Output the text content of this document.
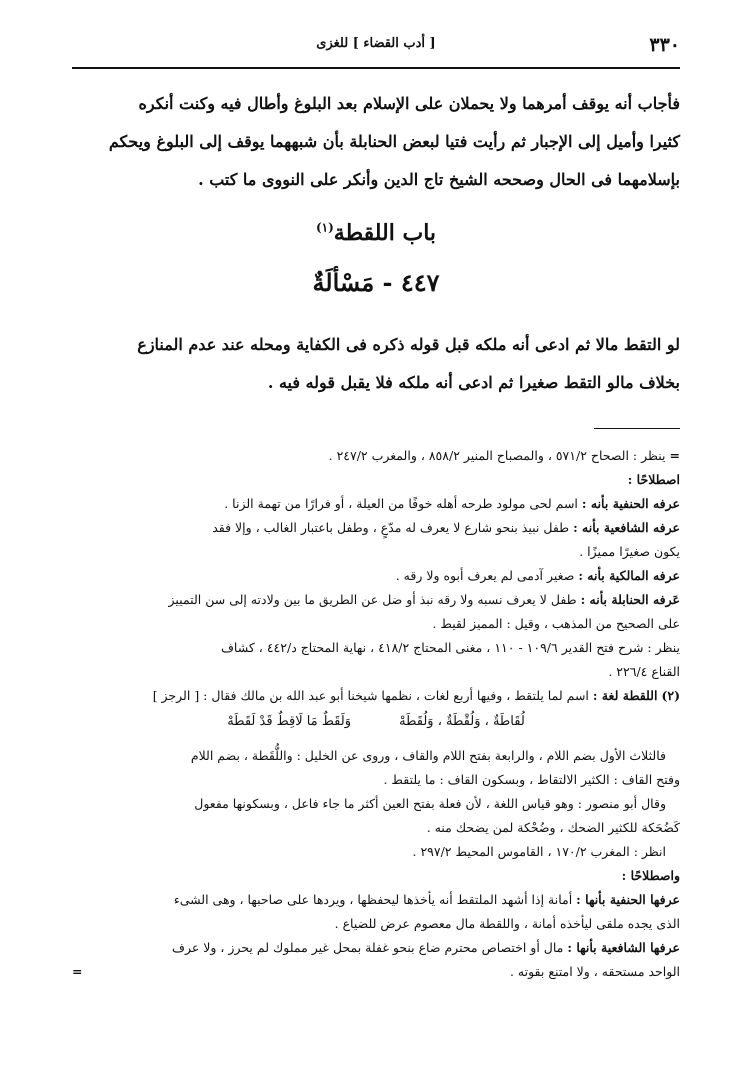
٣٣٠
[ أدب القضاء ] للغزى
فأجاب أنه يوقف أمرهما ولا يحملان على الإسلام بعد البلوغ وأطال فيه وكنت أنكره
كثيرا وأميل إلى الإجبار ثم رأيت فتيا لبعض الحنابلة بأن شبههما يوقف إلى البلوغ ويحكم
بإسلامهما فى الحال وصححه الشيخ تاج الدين وأنكر على النووى ما كتب .
باب اللقطة$^{(١)}$
٤٤٧ - مَسْألَةٌ
لو التقط مالا ثم ادعى أنه ملكه قبل قوله ذكره فى الكفاية ومحله عند عدم المنازع
بخلاف مالو التقط صغيرا ثم ادعى أنه ملكه فلا يقبل قوله فيه .

= ينظر : الصحاح ٥٧١/٢ ، والمصباح المنير ٨٥٨/٢ ، والمغرب ٢٤٧/٢ .

اصطلاحًا :

عرفه الحنفية بأنه : اسم لحى مولود طرحه أهله خوفًا من العيلة ، أو فرارًا من تهمة الزنا .

عرفه الشافعية بأنه : طفل نبيذ بنحو شارع لا يعرف له مدّعٍ ، وطفل باعتبار الغالب ، وإلا فقد

يكون صغيرًا مميزًا .

عرفه المالكية بأنه : صغير آدمى لم يعرف أبوه ولا رقه .

عَرفه الحنابلة بأنه : طفل لا يعرف نسبه ولا رقه نبذ أو ضل عن الطريق ما بين ولادته إلى سن التمييز

على الصحيح من المذهب ، وقيل : المميز لقيط .

ينظر : شرح فتح القدير ١٠٩/٦ - ١١٠ ، مغنى المحتاج ٤١٨/٢ ، نهاية المحتاج د/٤٤٢ ، كشاف

القناع ٢٢٦/٤ .

(٢) اللقطة لغة : اسم لما يلتقط ، وفيها أربع لغات ، نظمها شيخنا أبو عبد الله بن مالك فقال : [ الرجز ]

لُقَاطَةٌ ، وَلُقْطَةٌ ، وَلُقَطَهْ وَلَقَطٌ مَا لَاقِطٌ قَدْ لَقَطَهْ

فالثلاث الأول بضم اللام ، والرابعة بفتح اللام والقاف ، وروى عن الخليل : واللُّقَطة ، بضم اللام

وفتح القاف : الكثير الالتقاط ، وبسكون القاف : ما يلتقط .

وقال أبو منصور : وهو قياس اللغة ، لأن فعلة بفتح العين أكثر ما جاء فاعل ، وبسكونها مفعول

كَضُحَكة للكثير الضحك ، وضُحْكة لمن يضحك منه .

انظر : المغرب ١٧٠/٢ ، القاموس المحيط ٢٩٧/٢ .

واصطلاحًا :

عرفها الحنفية بأنها : أمانة إذا أشهد الملتقط أنه يأخذها ليحفظها ، ويردها على صاحبها ، وهى الشىء

الذى يجده ملقى ليأخذه أمانة ، واللقطة مال معصوم عرض للضياع .

عرفها الشافعية بأنها : مال أو اختصاص محترم ضاع بنحو غفلة بمحل غير مملوك لم يحرز ، ولا عرف

الواحد مستحقه ، ولا امتنع بقوته .
=
